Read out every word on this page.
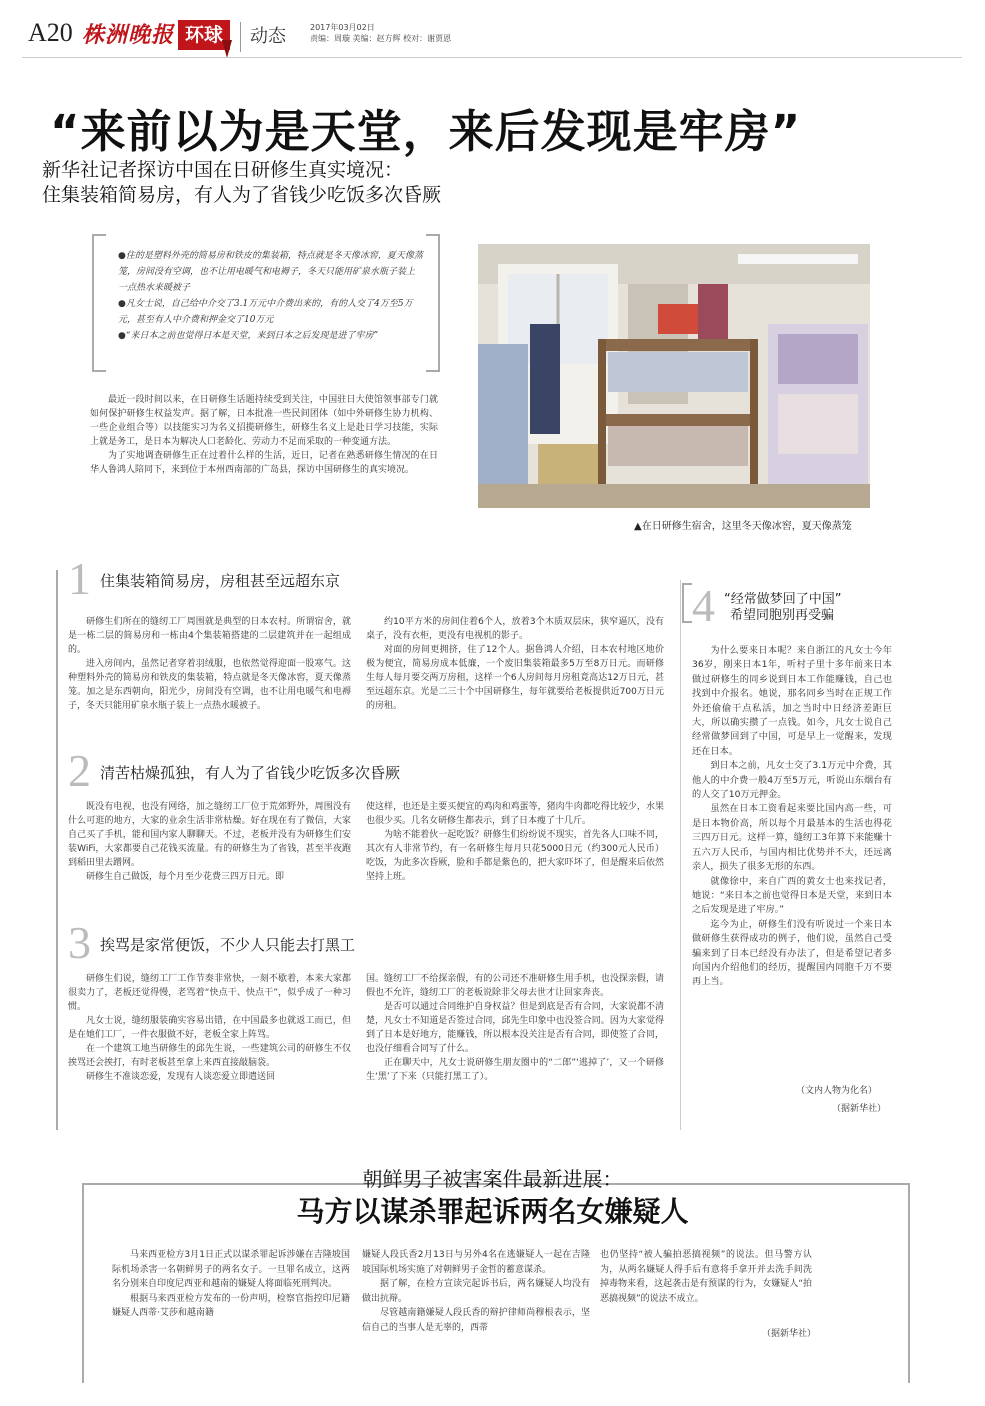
A20 株洲晚报 环球	动态	2017年03月02日
责编：周璇 美编：赵方辉 校对：谢贾恩
“来前以为是天堂，来后发现是牢房”
新华社记者探访中国在日研修生真实境况：
住集装箱简易房，有人为了省钱少吃饭多次昏厥

●住的是塑料外壳的简易房和铁皮的集装箱，特点就是冬天像冰窖，夏天像蒸笼，房间没有空调，也不让用电暖气和电褥子，冬天只能用矿泉水瓶子装上一点热水来暖被子

●凡女士说，自己给中介交了3.1万元中介费出来的，有的人交了4万至5万元，甚至有人中介费和押金交了10万元

●“来日本之前也觉得日本是天堂，来到日本之后发现是进了牢房”

▲在日研修生宿舍，这里冬天像冰窖，夏天像蒸笼

最近一段时间以来，在日研修生话题持续受到关注，中国驻日大使馆领事部专门就如何保护研修生权益发声。据了解，日本批准一些民间团体（如中外研修生协力机构、一些企业组合等）以技能实习为名义招揽研修生，研修生名义上是赴日学习技能，实际上就是务工，是日本为解决人口老龄化、劳动力不足而采取的一种变通方法。

为了实地调查研修生正在过着什么样的生活，近日，记者在熟悉研修生情况的在日华人鲁鸿人陪同下，来到位于本州西南部的广岛县，探访中国研修生的真实境况。

1 住集装箱简易房，房租甚至远超东京

研修生们所在的缝纫工厂周围就是典型的日本农村。所谓宿舍，就是一栋二层的简易房和一栋由4个集装箱搭建的二层建筑并在一起组成的。

进入房间内，虽然记者穿着羽绒服，也依然觉得迎面一股寒气。这种塑料外壳的简易房和铁皮的集装箱，特点就是冬天像冰窖，夏天像蒸笼。加之是东西朝向，阳光少，房间没有空调，也不让用电暖气和电褥子，冬天只能用矿泉水瓶子装上一点热水暖被子。

约10平方米的房间住着6个人，放着3个木质双层床，狭窄逼仄，没有桌子，没有衣柜，更没有电视机的影子。

对面的房间更拥挤，住了12个人。据鲁鸿人介绍，日本农村地区地价极为便宜，简易房成本低廉，一个废旧集装箱最多5万至8万日元。而研修生每人每月要交两万房租，这样一个6人房间每月房租竟高达12万日元，甚至远超东京。光是二三十个中国研修生，每年就要给老板提供近700万日元的房租。

2 清苦枯燥孤独，有人为了省钱少吃饭多次昏厥

既没有电视，也没有网络，加之缝纫工厂位于荒郊野外，周围没有什么可逛的地方，大家的业余生活非常枯燥。好在现在有了微信，大家自己买了手机，能和国内家人聊聊天。不过，老板并没有为研修生们安装WiFi，大家都要自己花钱买流量。有的研修生为了省钱，甚至半夜跑到稻田里去蹭网。

研修生自己做饭，每个月至少花费三四万日元。即

使这样，也还是主要买便宜的鸡肉和鸡蛋等，猪肉牛肉都吃得比较少，水果也很少买。几名女研修生都表示，到了日本瘦了十几斤。

为啥不能着伙一起吃饭？研修生们纷纷说不现实，首先各人口味不同，其次有人非常节约，有一名研修生每月只花5000日元（约300元人民币）吃饭，为此多次昏厥，脸和手都是紫色的，把大家吓坏了，但是醒来后依然坚持上班。

3 挨骂是家常便饭，不少人只能去打黑工

研修生们说，缝纫工厂工作节奏非常快，一刻不歇着，本来大家都很卖力了，老板还觉得慢，老骂着“快点干、快点干”，似乎成了一种习惯。

凡女士说，缝纫服装确实容易出错，在中国最多也就返工而已，但是在她们工厂，一件衣服做不好，老板全家上阵骂。

在一个建筑工地当研修生的邱先生说，一些建筑公司的研修生不仅挨骂还会挨打，有时老板甚至拿上来西直接敲脑袋。

研修生不准谈恋爱，发现有人谈恋爱立即遣送回

国。缝纫工厂不给探亲假，有的公司还不准研修生用手机，也没探亲假，请假也不允许，缝纫工厂的老板说除非父母去世才让回家奔丧。

是否可以通过合同维护自身权益？但是到底是否有合同，大家说都不清楚，凡女士不知道是否签过合同，邱先生印象中也没签合同。因为大家觉得到了日本是好地方，能赚钱，所以根本没关注是否有合同，即使签了合同，也没仔细看合同写了什么。

正在聊天中，凡女士说研修生朋友圈中的“二郎”‘逃掉了’，又一个研修生‘黑’了下来（只能打黑工了）。

4 “经常做梦回了中国”
希望同胞别再受骗

为什么要来日本呢？来自浙江的凡女士今年36岁，刚来日本1年，听村子里十多年前来日本做过研修生的同乡说到日本工作能赚钱，自己也找到中介报名。她说，那名同乡当时在正规工作外还偷偷干点私活，加之当时中日经济差距巨大，所以确实攒了一点钱。如今，凡女士说自己经常做梦回到了中国，可是早上一觉醒来，发现还在日本。

到日本之前，凡女士交了3.1万元中介费，其他人的中介费一般4万至5万元，听说山东烟台有的人交了10万元押金。

虽然在日本工资看起来要比国内高一些，可是日本物价高，所以每个月最基本的生活也得花三四万日元。这样一算，缝纫工3年算下来能赚十五六万人民币，与国内相比优势并不大，还远离亲人，损失了很多无形的东西。

就像徐中，来自广西的黄女士也来找记者，她说：“来日本之前也觉得日本是天堂，来到日本之后发现是进了牢房。”

迄今为止，研修生们没有听说过一个来日本做研修生获得成功的例子，他们说，虽然自己受骗来到了日本已经没有办法了，但是希望记者多向国内介绍他们的经历，提醒国内同胞千万不要再上当。

（文内人物为化名）
（据新华社）
朝鲜男子被害案件最新进展：
马方以谋杀罪起诉两名女嫌疑人

马来西亚检方3月1日正式以谋杀罪起诉涉嫌在吉隆坡国际机场杀害一名朝鲜男子的两名女子。一旦罪名成立，这两名分别来自印度尼西亚和越南的嫌疑人将面临死刑判决。

根据马来西亚检方发布的一份声明，检察官指控印尼籍嫌疑人西蒂·艾莎和越南籍

嫌疑人段氏香2月13日与另外4名在逃嫌疑人一起在吉隆坡国际机场实施了对朝鲜男子金哲的蓄意谋杀。

据了解，在检方宣读完起诉书后，两名嫌疑人均没有做出抗辩。

尽管越南籍嫌疑人段氏香的辩护律师尚穆根表示，坚信自己的当事人是无辜的，西蒂

也仍坚持“被人骗拍恶搞视频”的说法。但马警方认为，从两名嫌疑人得手后有意将手拿开并去洗手间洗掉毒物来看，这起袭击是有预谋的行为，女嫌疑人“拍恶搞视频”的说法不成立。

（据新华社）
